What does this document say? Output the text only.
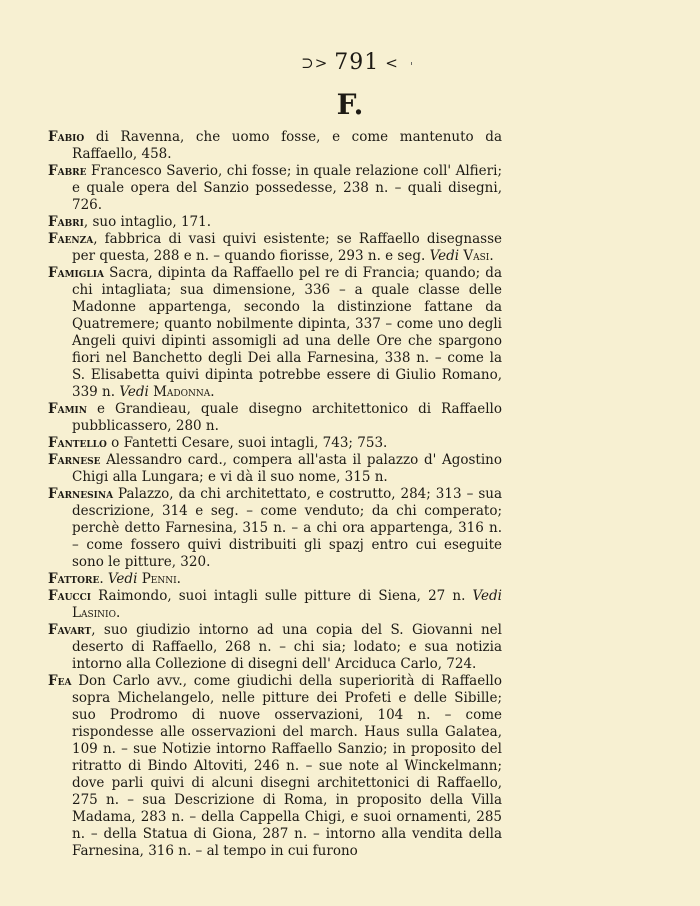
⊃> 791 <	'
F.

Fabio di Ravenna, che uomo fosse, e come mantenuto da Raffaello, 458.

Fabre Francesco Saverio, chi fosse; in quale relazione coll' Alfieri; e quale opera del Sanzio possedesse, 238 n. – quali disegni, 726.

Fabri, suo intaglio, 171.

Faenza, fabbrica di vasi quivi esistente; se Raffaello disegnasse per questa, 288 e n. – quando fiorisse, 293 n. e seg. Vedi Vasi.

Famiglia Sacra, dipinta da Raffaello pel re di Francia; quando; da chi intagliata; sua dimensione, 336 – a quale classe delle Madonne appartenga, secondo la distinzione fattane da Quatremere; quanto nobilmente dipinta, 337 – come uno degli Angeli quivi dipinti assomigli ad una delle Ore che spargono fiori nel Banchetto degli Dei alla Farnesina, 338 n. – come la S. Elisabetta quivi dipinta potrebbe essere di Giulio Romano, 339 n. Vedi Madonna.

Famin e Grandieau, quale disegno architettonico di Raffaello pubblicassero, 280 n.

Fantello o Fantetti Cesare, suoi intagli, 743; 753.

Farnese Alessandro card., compera all'asta il palazzo d' Agostino Chigi alla Lungara; e vi dà il suo nome, 315 n.

Farnesina Palazzo, da chi architettato, e costrutto, 284; 313 – sua descrizione, 314 e seg. – come venduto; da chi comperato; perchè detto Farnesina, 315 n. – a chi ora appartenga, 316 n. – come fossero quivi distribuiti gli spazj entro cui eseguite sono le pitture, 320.

Fattore. Vedi Penni.

Faucci Raimondo, suoi intagli sulle pitture di Siena, 27 n. Vedi Lasinio.

Favart, suo giudizio intorno ad una copia del S. Giovanni nel deserto di Raffaello, 268 n. – chi sia; lodato; e sua notizia intorno alla Collezione di disegni dell' Arciduca Carlo, 724.

Fea Don Carlo avv., come giudichi della superiorità di Raffaello sopra Michelangelo, nelle pitture dei Profeti e delle Sibille; suo Prodromo di nuove osservazioni, 104 n. – come rispondesse alle osservazioni del march. Haus sulla Galatea, 109 n. – sue Notizie intorno Raffaello Sanzio; in proposito del ritratto di Bindo Altoviti, 246 n. – sue note al Winckelmann; dove parli quivi di alcuni disegni architettonici di Raffaello, 275 n. – sua Descrizione di Roma, in proposito della Villa Madama, 283 n. – della Cappella Chigi, e suoi ornamenti, 285 n. – della Statua di Giona, 287 n. – intorno alla vendita della Farnesina, 316 n. – al tempo in cui furono
